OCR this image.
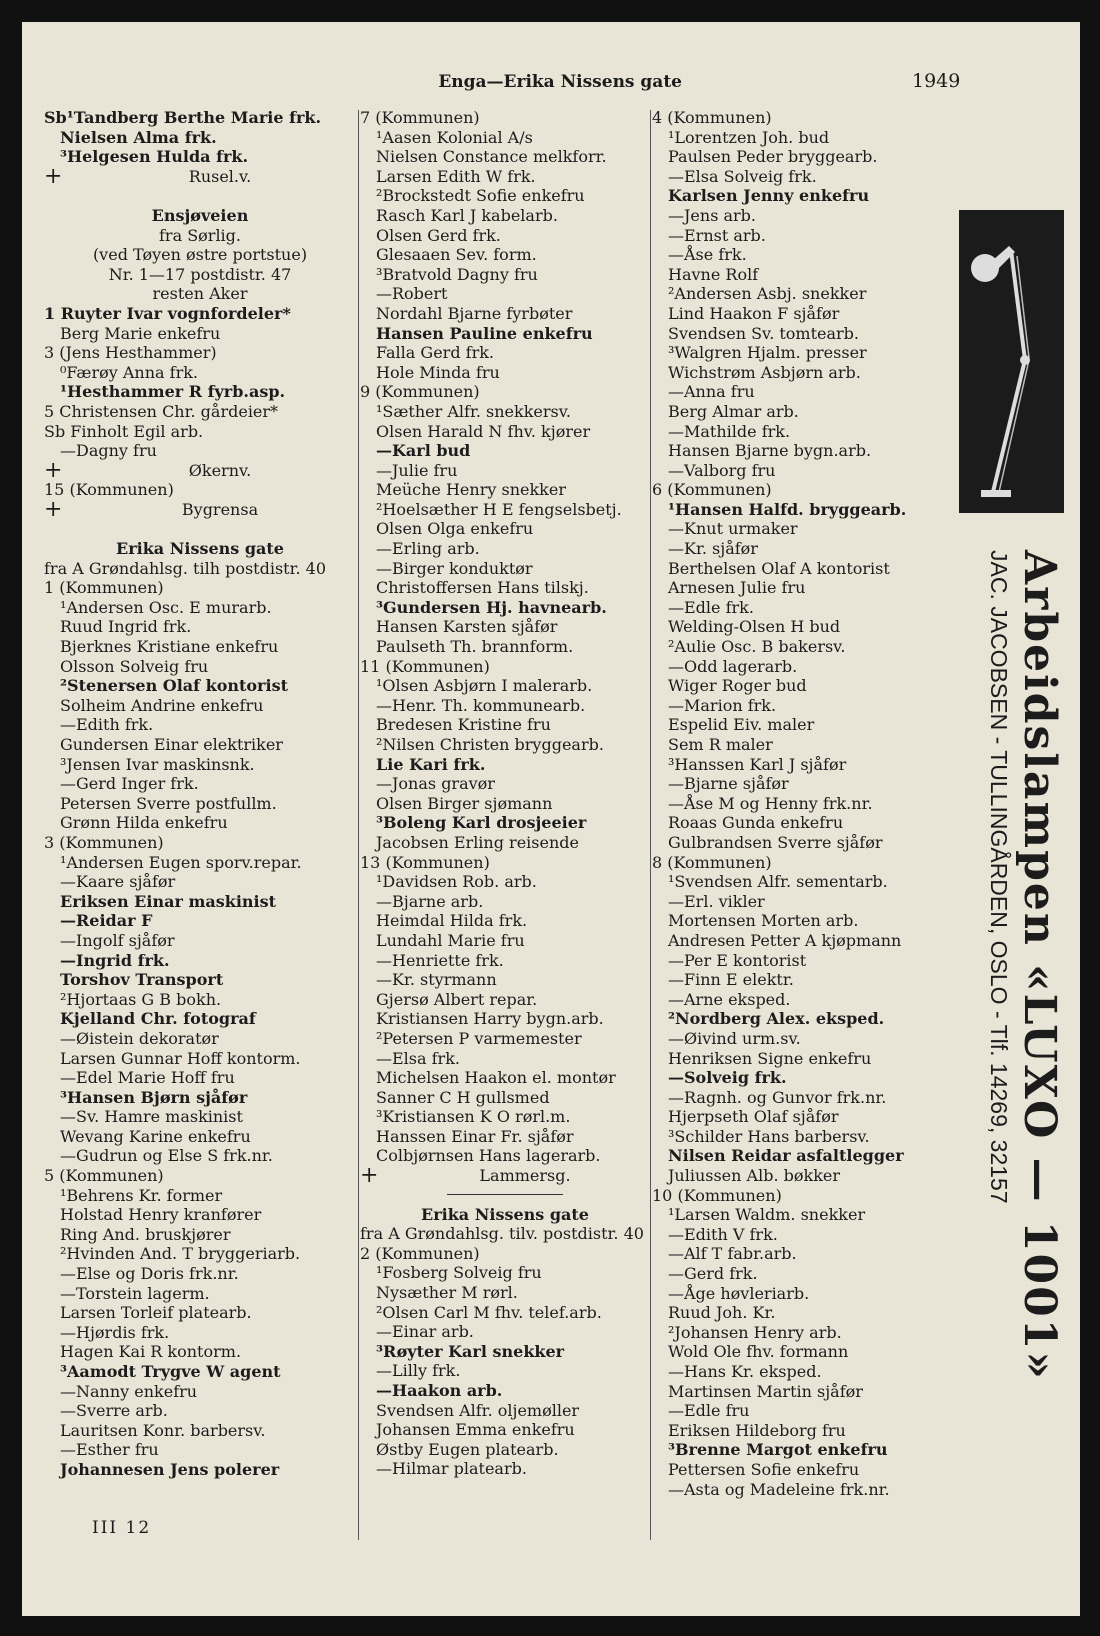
Enga—Erika Nissens gate	1949
Sb¹Tandberg Berthe Marie frk.
Nielsen Alma frk.
³Helgesen Hulda frk.
+	Rusel.v.
Ensjøveien
fra Sørlig.
(ved Tøyen østre portstue)
Nr. 1—17 postdistr. 47
resten Aker
1 Ruyter Ivar vognfordeler*
Berg Marie enkefru
3 (Jens Hesthammer)
⁰Færøy Anna frk.
¹Hesthammer R fyrb.asp.
5 Christensen Chr. gårdeier*
Sb Finholt Egil arb.
—Dagny fru
+	Økernv.
15 (Kommunen)
+	Bygrensa
Erika Nissens gate
fra A Grøndahlsg. tilh postdistr. 40
1 (Kommunen)
¹Andersen Osc. E murarb.
Ruud Ingrid frk.
Bjerknes Kristiane enkefru
Olsson Solveig fru
²Stenersen Olaf kontorist
Solheim Andrine enkefru
—Edith frk.
Gundersen Einar elektriker
³Jensen Ivar maskinsnk.
—Gerd Inger frk.
Petersen Sverre postfullm.
Grønn Hilda enkefru
3 (Kommunen)
¹Andersen Eugen sporv.repar.
—Kaare sjåfør
Eriksen Einar maskinist
—Reidar F
—Ingolf sjåfør
—Ingrid frk.
Torshov Transport
²Hjortaas G B bokh.
Kjelland Chr. fotograf
—Øistein dekoratør
Larsen Gunnar Hoff kontorm.
—Edel Marie Hoff fru
³Hansen Bjørn sjåfør
—Sv. Hamre maskinist
Wevang Karine enkefru
—Gudrun og Else S frk.nr.
5 (Kommunen)
¹Behrens Kr. former
Holstad Henry kranfører
Ring And. bruskjører
²Hvinden And. T bryggeriarb.
—Else og Doris frk.nr.
—Torstein lagerm.
Larsen Torleif platearb.
—Hjørdis frk.
Hagen Kai R kontorm.
³Aamodt Trygve W agent
—Nanny enkefru
—Sverre arb.
Lauritsen Konr. barbersv.
—Esther fru
Johannesen Jens polerer
7 (Kommunen)
¹Aasen Kolonial A/s
Nielsen Constance melkforr.
Larsen Edith W frk.
²Brockstedt Sofie enkefru
Rasch Karl J kabelarb.
Olsen Gerd frk.
Glesaaen Sev. form.
³Bratvold Dagny fru
—Robert
Nordahl Bjarne fyrbøter
Hansen Pauline enkefru
Falla Gerd frk.
Hole Minda fru
9 (Kommunen)
¹Sæther Alfr. snekkersv.
Olsen Harald N fhv. kjører
—Karl bud
—Julie fru
Meüche Henry snekker
²Hoelsæther H E fengselsbetj.
Olsen Olga enkefru
—Erling arb.
—Birger konduktør
Christoffersen Hans tilskj.
³Gundersen Hj. havnearb.
Hansen Karsten sjåfør
Paulseth Th. brannform.
11 (Kommunen)
¹Olsen Asbjørn I malerarb.
—Henr. Th. kommunearb.
Bredesen Kristine fru
²Nilsen Christen bryggearb.
Lie Kari frk.
—Jonas gravør
Olsen Birger sjømann
³Boleng Karl drosjeeier
Jacobsen Erling reisende
13 (Kommunen)
¹Davidsen Rob. arb.
—Bjarne arb.
Heimdal Hilda frk.
Lundahl Marie fru
—Henriette frk.
—Kr. styrmann
Gjersø Albert repar.
Kristiansen Harry bygn.arb.
²Petersen P varmemester
—Elsa frk.
Michelsen Haakon el. montør
Sanner C H gullsmed
³Kristiansen K O rørl.m.
Hanssen Einar Fr. sjåfør
Colbjørnsen Hans lagerarb.
+	Lammersg.
Erika Nissens gate
fra A Grøndahlsg. tilv. postdistr. 40
2 (Kommunen)
¹Fosberg Solveig fru
Nysæther M rørl.
²Olsen Carl M fhv. telef.arb.
—Einar arb.
³Røyter Karl snekker
—Lilly frk.
—Haakon arb.
Svendsen Alfr. oljemøller
Johansen Emma enkefru
Østby Eugen platearb.
—Hilmar platearb.
4 (Kommunen)
¹Lorentzen Joh. bud
Paulsen Peder bryggearb.
—Elsa Solveig frk.
Karlsen Jenny enkefru
—Jens arb.
—Ernst arb.
—Åse frk.
Havne Rolf
²Andersen Asbj. snekker
Lind Haakon F sjåfør
Svendsen Sv. tomtearb.
³Walgren Hjalm. presser
Wichstrøm Asbjørn arb.
—Anna fru
Berg Almar arb.
—Mathilde frk.
Hansen Bjarne bygn.arb.
—Valborg fru
6 (Kommunen)
¹Hansen Halfd. bryggearb.
—Knut urmaker
—Kr. sjåfør
Berthelsen Olaf A kontorist
Arnesen Julie fru
—Edle frk.
Welding-Olsen H bud
²Aulie Osc. B bakersv.
—Odd lagerarb.
Wiger Roger bud
—Marion frk.
Espelid Eiv. maler
Sem R maler
³Hanssen Karl J sjåfør
—Bjarne sjåfør
—Åse M og Henny frk.nr.
Roaas Gunda enkefru
Gulbrandsen Sverre sjåfør
8 (Kommunen)
¹Svendsen Alfr. sementarb.
—Erl. vikler
Mortensen Morten arb.
Andresen Petter A kjøpmann
—Per E kontorist
—Finn E elektr.
—Arne eksped.
²Nordberg Alex. eksped.
—Øivind urm.sv.
Henriksen Signe enkefru
—Solveig frk.
—Ragnh. og Gunvor frk.nr.
Hjerpseth Olaf sjåfør
³Schilder Hans barbersv.
Nilsen Reidar asfaltlegger
Juliussen Alb. bøkker
10 (Kommunen)
¹Larsen Waldm. snekker
—Edith V frk.
—Alf T fabr.arb.
—Gerd frk.
—Åge høvleriarb.
Ruud Joh. Kr.
²Johansen Henry arb.
Wold Ole fhv. formann
—Hans Kr. eksped.
Martinsen Martin sjåfør
—Edle fru
Eriksen Hildeborg fru
³Brenne Margot enkefru
Pettersen Sofie enkefru
—Asta og Madeleine frk.nr.
Arbeidslampen «LUXO — 1001»
JAC. JACOBSEN - TULLINGÅRDEN, OSLO - Tlf. 14269, 32157
III 12
